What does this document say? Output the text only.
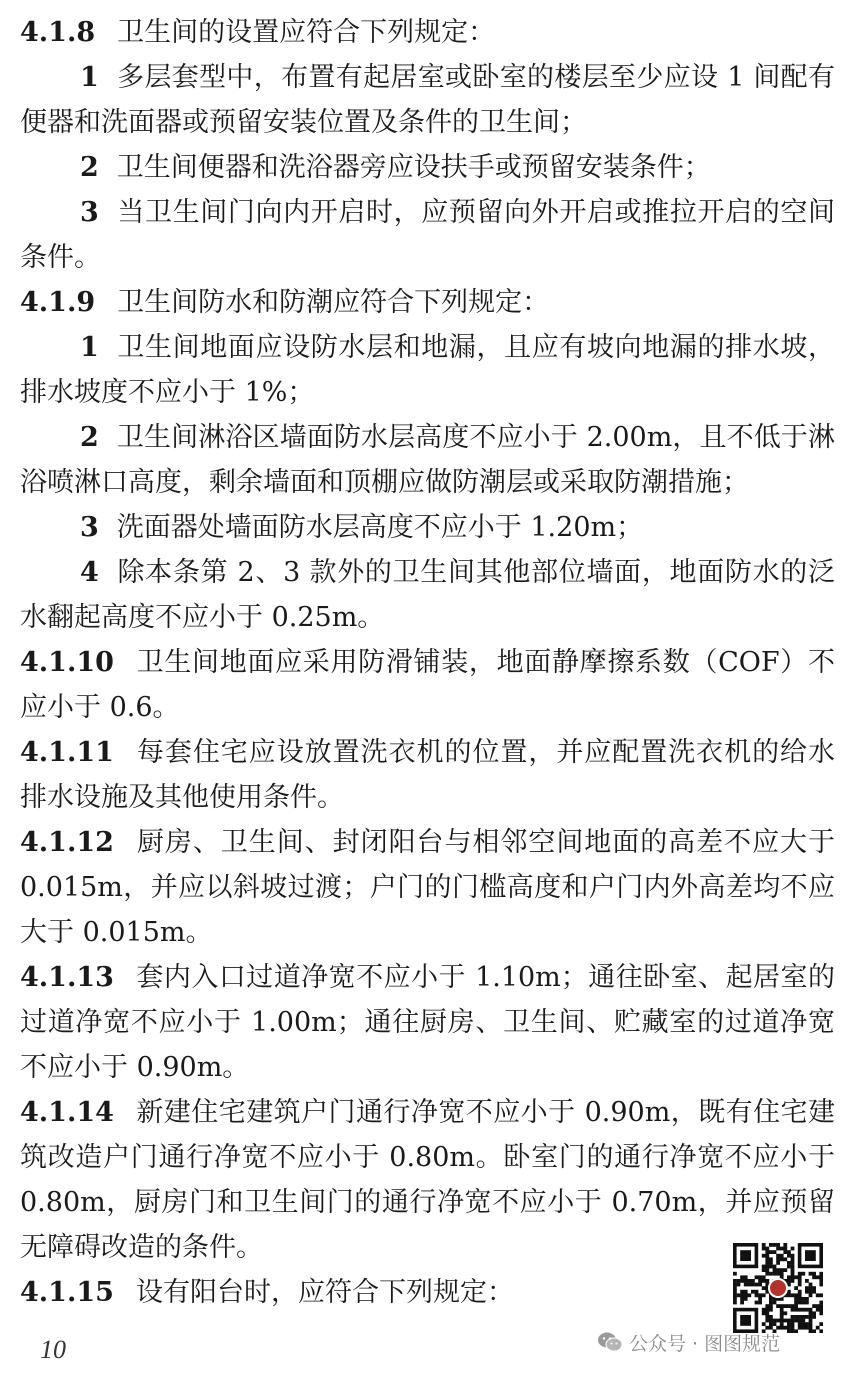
4.1.8 卫生间的设置应符合下列规定：

1 多层套型中，布置有起居室或卧室的楼层至少应设 1 间配有便器和洗面器或预留安装位置及条件的卫生间；

2 卫生间便器和洗浴器旁应设扶手或预留安装条件；

3 当卫生间门向内开启时，应预留向外开启或推拉开启的空间条件。

4.1.9 卫生间防水和防潮应符合下列规定：

1 卫生间地面应设防水层和地漏，且应有坡向地漏的排水坡，排水坡度不应小于 1%；

2 卫生间淋浴区墙面防水层高度不应小于 2.00m，且不低于淋浴喷淋口高度，剩余墙面和顶棚应做防潮层或采取防潮措施；

3 洗面器处墙面防水层高度不应小于 1.20m；

4 除本条第 2、3 款外的卫生间其他部位墙面，地面防水的泛水翻起高度不应小于 0.25m。

4.1.10 卫生间地面应采用防滑铺装，地面静摩擦系数（COF）不应小于 0.6。

4.1.11 每套住宅应设放置洗衣机的位置，并应配置洗衣机的给水排水设施及其他使用条件。

4.1.12 厨房、卫生间、封闭阳台与相邻空间地面的高差不应大于 0.015m，并应以斜坡过渡；户门的门槛高度和户门内外高差均不应大于 0.015m。

4.1.13 套内入口过道净宽不应小于 1.10m；通往卧室、起居室的过道净宽不应小于 1.00m；通往厨房、卫生间、贮藏室的过道净宽不应小于 0.90m。

4.1.14 新建住宅建筑户门通行净宽不应小于 0.90m，既有住宅建筑改造户门通行净宽不应小于 0.80m。卧室门的通行净宽不应小于 0.80m，厨房门和卫生间门的通行净宽不应小于 0.70m，并应预留无障碍改造的条件。

4.1.15 设有阳台时，应符合下列规定：

10	公众号 · 图图规范
